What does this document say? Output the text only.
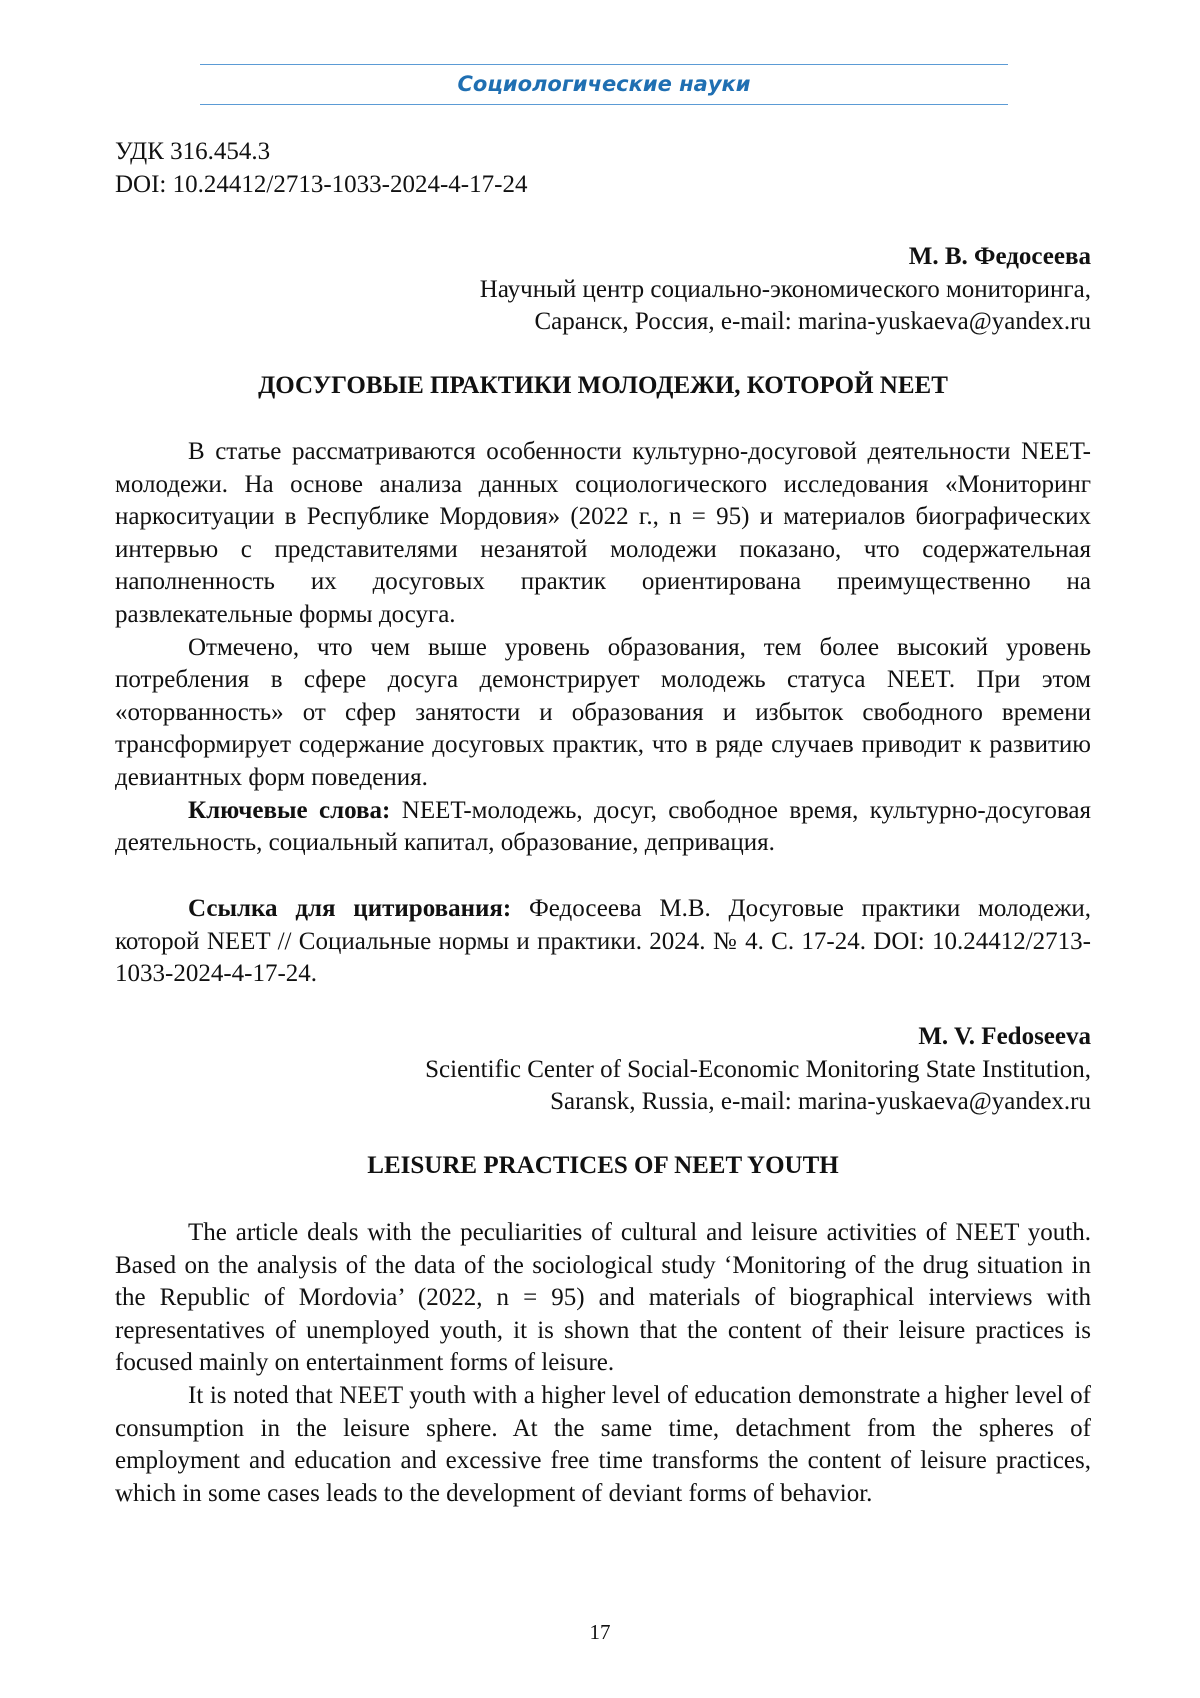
Социологические науки
УДК 316.454.3
DOI: 10.24412/2713-1033-2024-4-17-24
М. В. Федосеева
Научный центр социально-экономического мониторинга,
Саранск, Россия, e-mail: marina-yuskaeva@yandex.ru
ДОСУГОВЫЕ ПРАКТИКИ МОЛОДЕЖИ, КОТОРОЙ NEET

В статье рассматриваются особенности культурно-досуговой деятельности NEET-молодежи. На основе анализа данных социологического исследования «Мониторинг наркоситуации в Республике Мордовия» (2022 г., n = 95) и материалов биографических интервью с представителями незанятой молодежи показано, что содержательная наполненность их досуговых практик ориентирована преимущественно на развлекательные формы досуга.

Отмечено, что чем выше уровень образования, тем более высокий уровень потребления в сфере досуга демонстрирует молодежь статуса NEET. При этом «оторванность» от сфер занятости и образования и избыток свободного времени трансформирует содержание досуговых практик, что в ряде случаев приводит к развитию девиантных форм поведения.

Ключевые слова: NEET-молодежь, досуг, свободное время, культурно-досуговая деятельность, социальный капитал, образование, депривация.

Ссылка для цитирования: Федосеева М.В. Досуговые практики молодежи, которой NEET // Социальные нормы и практики. 2024. № 4. С. 17-24. DOI: 10.24412/2713-1033-2024-4-17-24.

M. V. Fedoseeva
Scientific Center of Social-Economic Monitoring State Institution,
Saransk, Russia, e-mail: marina-yuskaeva@yandex.ru
LEISURE PRACTICES OF NEET YOUTH

The article deals with the peculiarities of cultural and leisure activities of NEET youth. Based on the analysis of the data of the sociological study ‘Monitoring of the drug situation in the Republic of Mordovia’ (2022, n = 95) and materials of biographical interviews with representatives of unemployed youth, it is shown that the content of their leisure practices is focused mainly on entertainment forms of leisure.

It is noted that NEET youth with a higher level of education demonstrate a higher level of consumption in the leisure sphere. At the same time, detachment from the spheres of employment and education and excessive free time transforms the content of leisure practices, which in some cases leads to the development of deviant forms of behavior.

17
